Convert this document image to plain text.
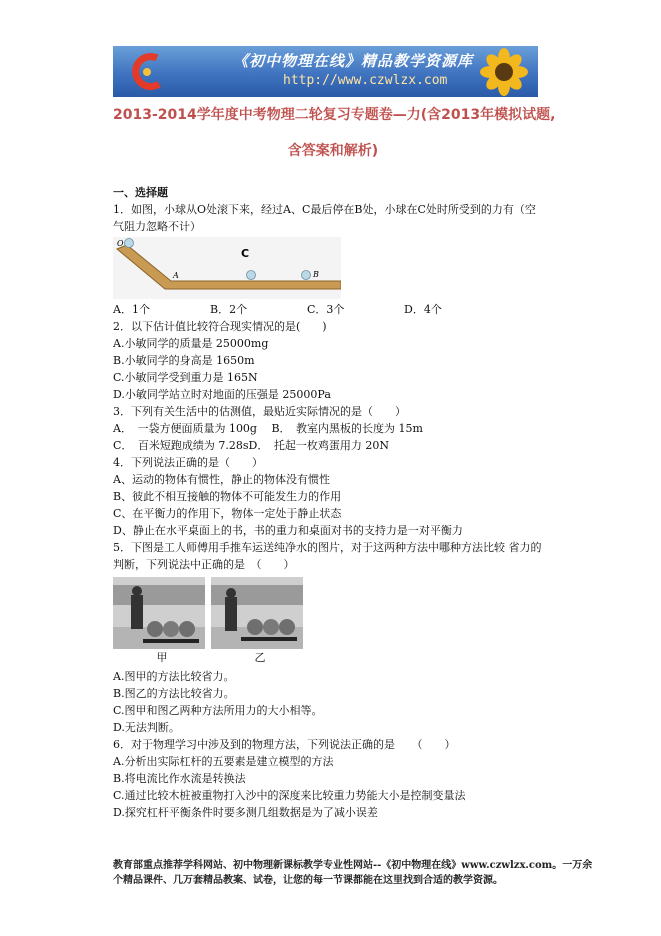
《初中物理在线》精品教学资源库
http://www.czwlzx.com
2013-2014学年度中考物理二轮复习专题卷—力(含2013年模拟试题,
含答案和解析)

一、选择题

1．如图，小球从O处滚下来，经过A、C最后停在B处，小球在C处时所受到的力有（空

气阻力忽略不计）

O
A
C
B
A．1个	B．2个	C．3个	D．4个

2．以下估计值比较符合现实情况的是(　　)

A.小敏同学的质量是 25000mg

B.小敏同学的身高是 1650m

C.小敏同学受到重力是 165N

D.小敏同学站立时对地面的压强是 25000Pa

3．下列有关生活中的估测值，最贴近实际情况的是（　　）

A．　一袋方便面质量为 100g　 B．　教室内黑板的长度为 15m

C．　百米短跑成绩为 7.28sD．　托起一枚鸡蛋用力 20N

4．下列说法正确的是（　　）

A、运动的物体有惯性，静止的物体没有惯性

B、彼此不相互接触的物体不可能发生力的作用

C、在平衡力的作用下，物体一定处于静止状态

D、静止在水平桌面上的书，书的重力和桌面对书的支持力是一对平衡力

5．下图是工人师傅用手推车运送纯净水的图片，对于这两种方法中哪种方法比较 省力的

判断，下列说法中正确的是　（　　）

甲	乙

A.图甲的方法比较省力。

B.图乙的方法比较省力。

C.图甲和图乙两种方法所用力的大小相等。

D.无法判断。

6．对于物理学习中涉及到的物理方法，下列说法正确的是　　（　　）

A.分析出实际杠杆的五要素是建立模型的方法

B.将电流比作水流是转换法

C.通过比较木桩被重物打入沙中的深度来比较重力势能大小是控制变量法

D.探究杠杆平衡条件时要多测几组数据是为了减小误差

教育部重点推荐学科网站、初中物理新课标教学专业性网站--《初中物理在线》www.czwlzx.com。一万余

个精品课件、几万套精品教案、试卷，让您的每一节课都能在这里找到合适的教学资源。
